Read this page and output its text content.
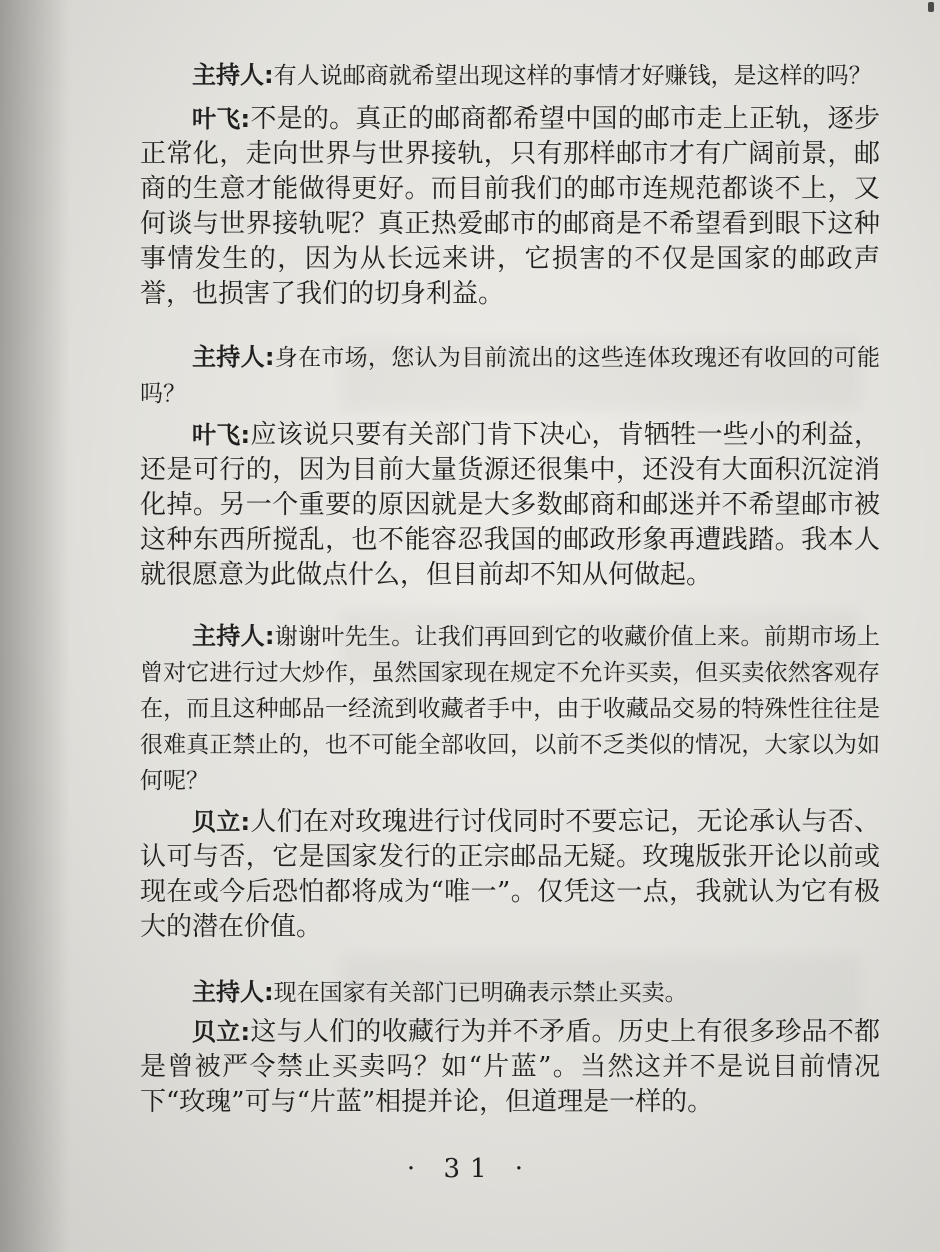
主持人:有人说邮商就希望出现这样的事情才好赚钱，是这样的吗？

叶飞:不是的。真正的邮商都希望中国的邮市走上正轨，逐步正常化，走向世界与世界接轨，只有那样邮市才有广阔前景，邮商的生意才能做得更好。而目前我们的邮市连规范都谈不上，又何谈与世界接轨呢？真正热爱邮市的邮商是不希望看到眼下这种事情发生的，因为从长远来讲，它损害的不仅是国家的邮政声誉，也损害了我们的切身利益。

主持人:身在市场，您认为目前流出的这些连体玫瑰还有收回的可能吗？

叶飞:应该说只要有关部门肯下决心，肯牺牲一些小的利益，还是可行的，因为目前大量货源还很集中，还没有大面积沉淀消化掉。另一个重要的原因就是大多数邮商和邮迷并不希望邮市被这种东西所搅乱，也不能容忍我国的邮政形象再遭践踏。我本人就很愿意为此做点什么，但目前却不知从何做起。

主持人:谢谢叶先生。让我们再回到它的收藏价值上来。前期市场上曾对它进行过大炒作，虽然国家现在规定不允许买卖，但买卖依然客观存在，而且这种邮品一经流到收藏者手中，由于收藏品交易的特殊性往往是很难真正禁止的，也不可能全部收回，以前不乏类似的情况，大家以为如何呢？

贝立:人们在对玫瑰进行讨伐同时不要忘记，无论承认与否、认可与否，它是国家发行的正宗邮品无疑。玫瑰版张开论以前或现在或今后恐怕都将成为“唯一”。仅凭这一点，我就认为它有极大的潜在价值。

主持人:现在国家有关部门已明确表示禁止买卖。

贝立:这与人们的收藏行为并不矛盾。历史上有很多珍品不都是曾被严令禁止买卖吗？如“片蓝”。当然这并不是说目前情况下“玫瑰”可与“片蓝”相提并论，但道理是一样的。

· 31 ·
